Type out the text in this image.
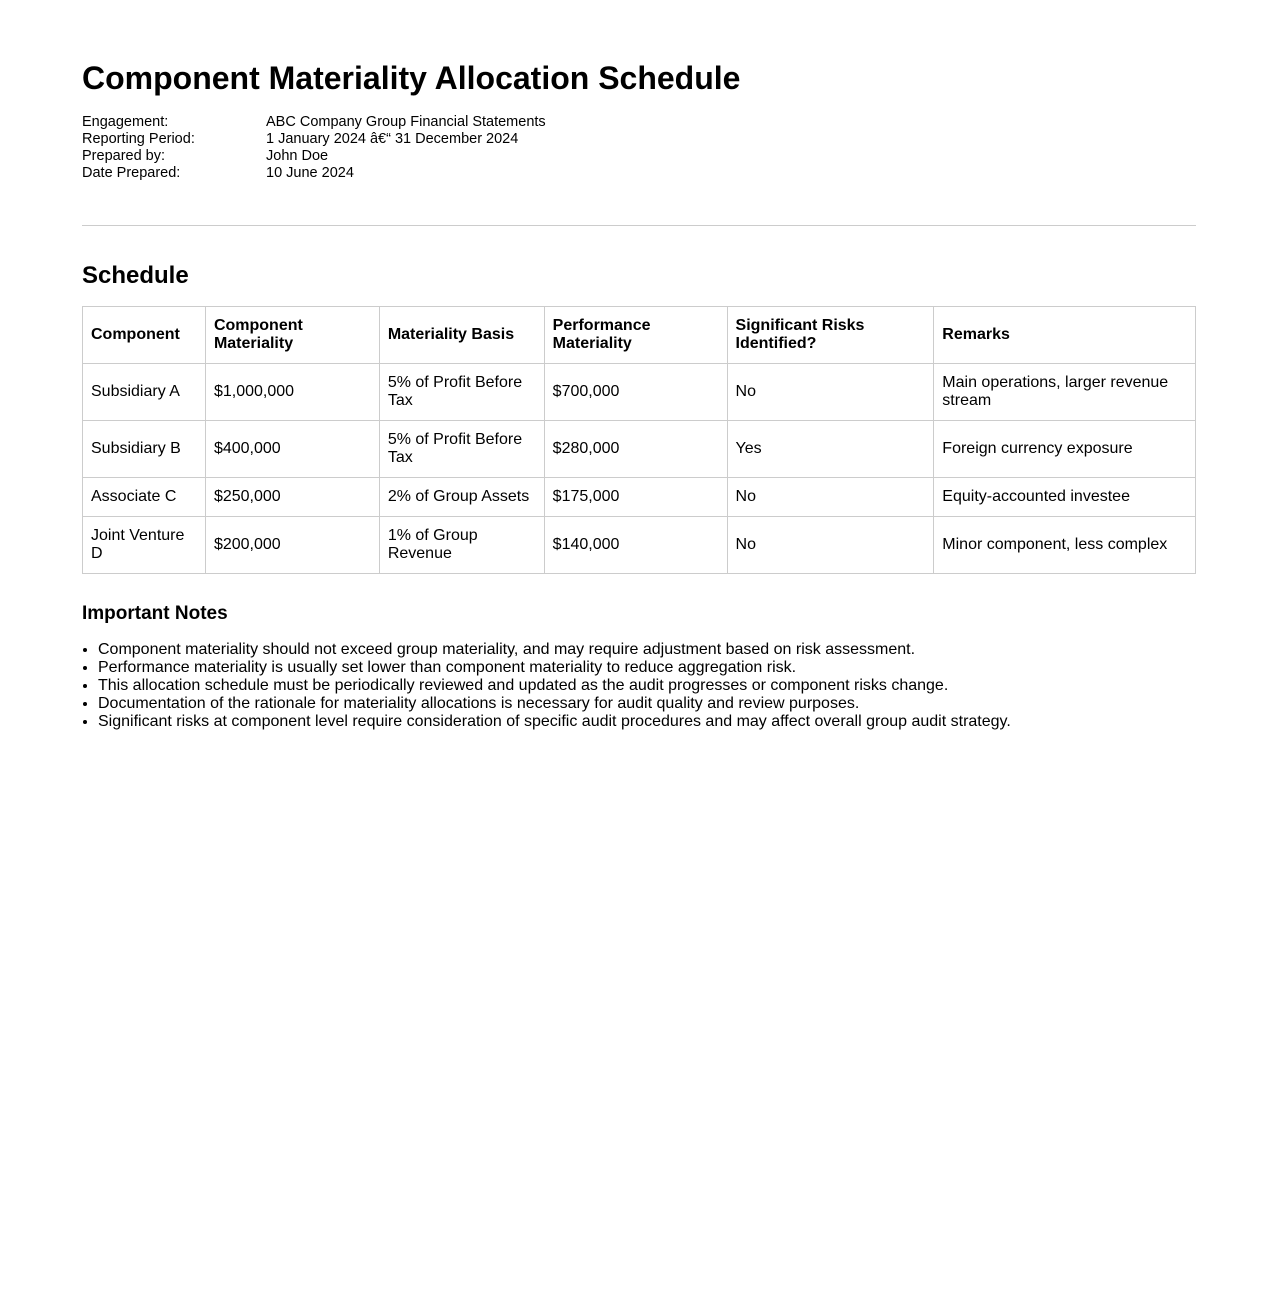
Component Materiality Allocation Schedule
Engagement:	ABC Company Group Financial Statements
Reporting Period:	1 January 2024 â€“ 31 December 2024
Prepared by:	John Doe
Date Prepared:	10 June 2024
Schedule
Component	Component Materiality	Materiality Basis	Performance Materiality	Significant Risks Identified?	Remarks
Subsidiary A	$1,000,000	5% of Profit Before Tax	$700,000	No	Main operations, larger revenue stream
Subsidiary B	$400,000	5% of Profit Before Tax	$280,000	Yes	Foreign currency exposure
Associate C	$250,000	2% of Group Assets	$175,000	No	Equity-accounted investee
Joint Venture D	$200,000	1% of Group Revenue	$140,000	No	Minor component, less complex
Important Notes
• Component materiality should not exceed group materiality, and may require adjustment based on risk assessment.
• Performance materiality is usually set lower than component materiality to reduce aggregation risk.
• This allocation schedule must be periodically reviewed and updated as the audit progresses or component risks change.
• Documentation of the rationale for materiality allocations is necessary for audit quality and review purposes.
• Significant risks at component level require consideration of specific audit procedures and may affect overall group audit strategy.
